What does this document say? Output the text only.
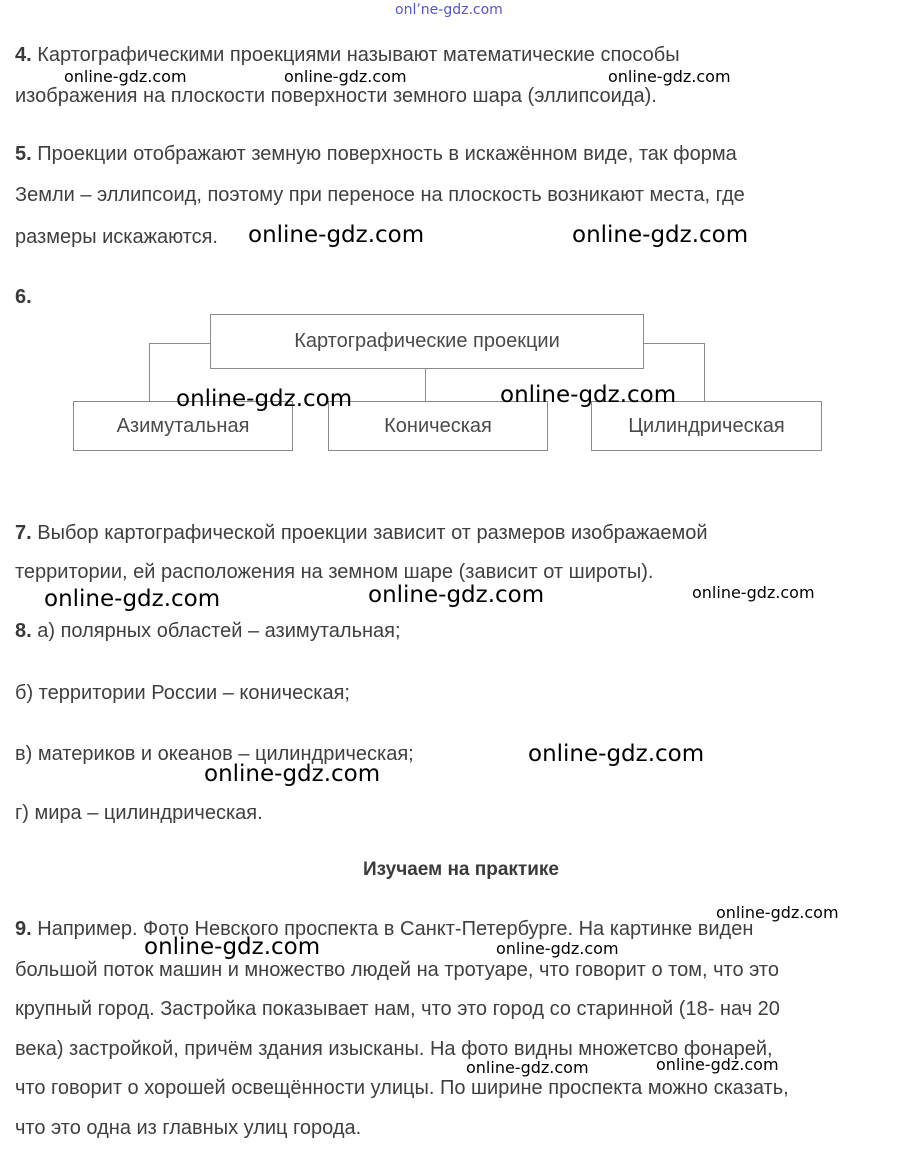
onl’ne-gdz.com
4. Картографическими проекциями называют математические способы
изображения на плоскости поверхности земного шара (эллипсоида).
5. Проекции отображают земную поверхность в искажённом виде, так форма
Земли – эллипсоид, поэтому при переносе на плоскость возникают места, где
размеры искажаются.
6.
Картографические проекции
Азимутальная	Коническая	Цилиндрическая
7. Выбор картографической проекции зависит от размеров изображаемой
территории, ей расположения на земном шаре (зависит от широты).
8. а) полярных областей – азимутальная;
б) территории России – коническая;
в) материков и океанов – цилиндрическая;
г) мира – цилиндрическая.
Изучаем на практике
9. Например. Фото Невского проспекта в Санкт-Петербурге. На картинке виден
большой поток машин и множество людей на тротуаре, что говорит о том, что это
крупный город. Застройка показывает нам, что это город со старинной (18- нач 20
века) застройкой, причём здания изысканы. На фото видны множетсво фонарей,
что говорит о хорошей освещённости улицы. По ширине проспекта можно сказать,
что это одна из главных улиц города.
online-gdz.com	online-gdz.com	online-gdz.com
online-gdz.com	online-gdz.com
online-gdz.com	online-gdz.com
online-gdz.com	online-gdz.com	online-gdz.com
online-gdz.com
online-gdz.com
online-gdz.com
online-gdz.com	online-gdz.com
online-gdz.com	online-gdz.com
